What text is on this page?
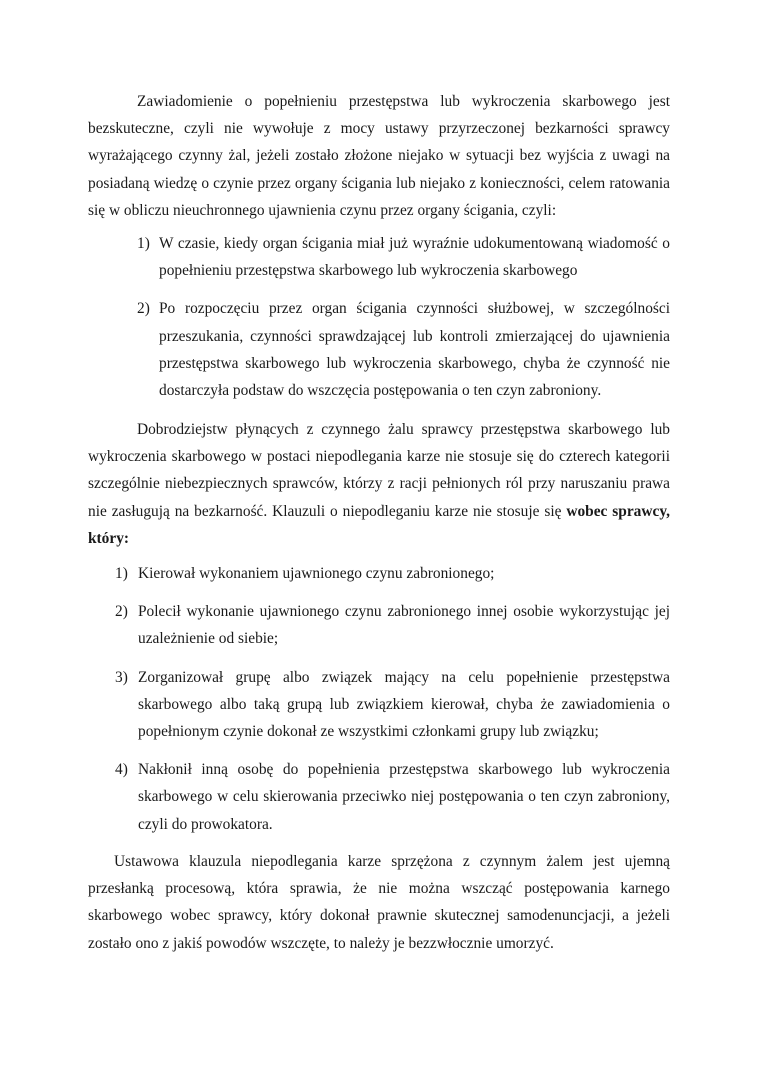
Zawiadomienie o popełnieniu przestępstwa lub wykroczenia skarbowego jest bezskuteczne, czyli nie wywołuje z mocy ustawy przyrzeczonej bezkarności sprawcy wyrażającego czynny żal, jeżeli zostało złożone niejako w sytuacji bez wyjścia z uwagi na posiadaną wiedzę o czynie przez organy ścigania lub niejako z konieczności, celem ratowania się w obliczu nieuchronnego ujawnienia czynu przez organy ścigania, czyli:

1) W czasie, kiedy organ ścigania miał już wyraźnie udokumentowaną wiadomość o popełnieniu przestępstwa skarbowego lub wykroczenia skarbowego
2) Po rozpoczęciu przez organ ścigania czynności służbowej, w szczególności przeszukania, czynności sprawdzającej lub kontroli zmierzającej do ujawnienia przestępstwa skarbowego lub wykroczenia skarbowego, chyba że czynność nie dostarczyła podstaw do wszczęcia postępowania o ten czyn zabroniony.

Dobrodziejstw płynących z czynnego żalu sprawcy przestępstwa skarbowego lub wykroczenia skarbowego w postaci niepodlegania karze nie stosuje się do czterech kategorii szczególnie niebezpiecznych sprawców, którzy z racji pełnionych ról przy naruszaniu prawa nie zasługują na bezkarność. Klauzuli o niepodleganiu karze nie stosuje się wobec sprawcy, który:

1) Kierował wykonaniem ujawnionego czynu zabronionego;
2) Polecił wykonanie ujawnionego czynu zabronionego innej osobie wykorzystując jej uzależnienie od siebie;
3) Zorganizował grupę albo związek mający na celu popełnienie przestępstwa skarbowego albo taką grupą lub związkiem kierował, chyba że zawiadomienia o popełnionym czynie dokonał ze wszystkimi członkami grupy lub związku;
4) Nakłonił inną osobę do popełnienia przestępstwa skarbowego lub wykroczenia skarbowego w celu skierowania przeciwko niej postępowania o ten czyn zabroniony, czyli do prowokatora.

Ustawowa klauzula niepodlegania karze sprzężona z czynnym żalem jest ujemną przesłanką procesową, która sprawia, że nie można wszcząć postępowania karnego skarbowego wobec sprawcy, który dokonał prawnie skutecznej samodenuncjacji, a jeżeli zostało ono z jakiś powodów wszczęte, to należy je bezzwłocznie umorzyć.
